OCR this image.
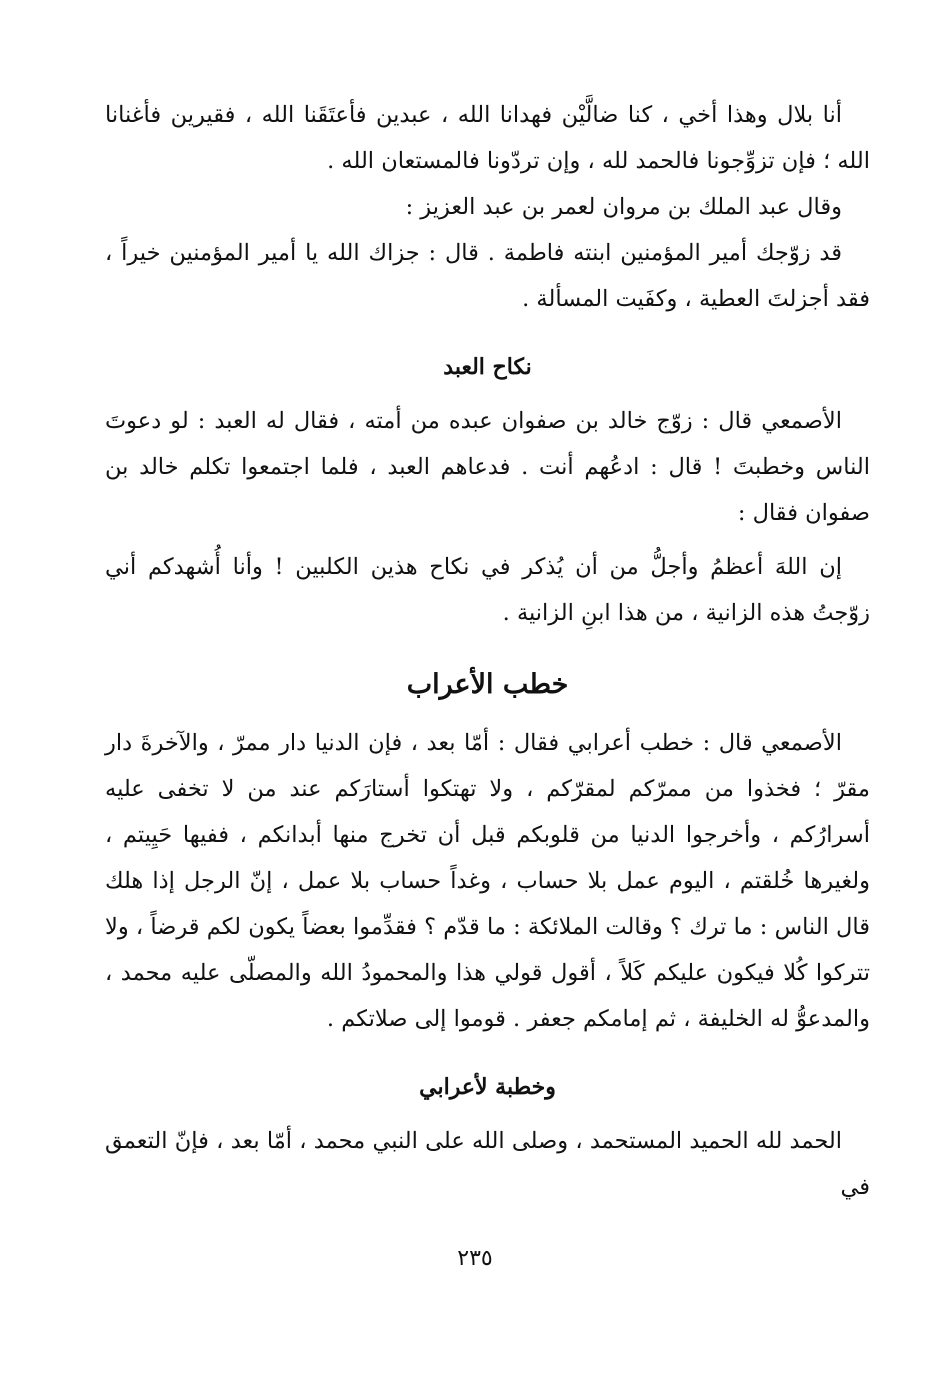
أنا بلال وهذا أخي ، كنا ضالَّيْن فهدانا الله ، عبدين فأعتَقَنا الله ، فقيرين فأغنانا الله ؛ فإن تزوِّجونا فالحمد لله ، وإن تردّونا فالمستعان الله .

وقال عبد الملك بن مروان لعمر بن عبد العزيز :

قد زوّجك أمير المؤمنين ابنته فاطمة . قال : جزاك الله يا أمير المؤمنين خيراً ، فقد أجزلتَ العطية ، وكفَيت المسألة .

نكاح العبد

الأصمعي قال : زوّج خالد بن صفوان عبده من أمته ، فقال له العبد : لو دعوتَ الناس وخطبتَ ! قال : ادعُهم أنت . فدعاهم العبد ، فلما اجتمعوا تكلم خالد بن صفوان فقال :

إن اللهَ أعظمُ وأجلُّ من أن يُذكر في نكاح هذين الكلبين ! وأنا أُشهدكم أني زوّجتُ هذه الزانية ، من هذا ابنِ الزانية .

خطب الأعراب

الأصمعي قال : خطب أعرابي فقال : أمّا بعد ، فإن الدنيا دار ممرّ ، والآخرةَ دار مقرّ ؛ فخذوا من ممرّكم لمقرّكم ، ولا تهتكوا أستارَكم عند من لا تخفى عليه أسرارُكم ، وأخرجوا الدنيا من قلوبكم قبل أن تخرج منها أبدانكم ، ففيها حَيِيتم ، ولغيرها خُلقتم ، اليوم عمل بلا حساب ، وغداً حساب بلا عمل ، إنّ الرجل إذا هلك قال الناس : ما ترك ؟ وقالت الملائكة : ما قدّم ؟ فقدِّموا بعضاً يكون لكم قرضاً ، ولا تتركوا كُلا فيكون عليكم كَلاً ، أقول قولي هذا والمحمودُ الله والمصلّى عليه محمد ، والمدعوُّ له الخليفة ، ثم إمامكم جعفر . قوموا إلى صلاتكم .

وخطبة لأعرابي

الحمد لله الحميد المستحمد ، وصلى الله على النبي محمد ، أمّا بعد ، فإنّ التعمق في

٢٣٥
